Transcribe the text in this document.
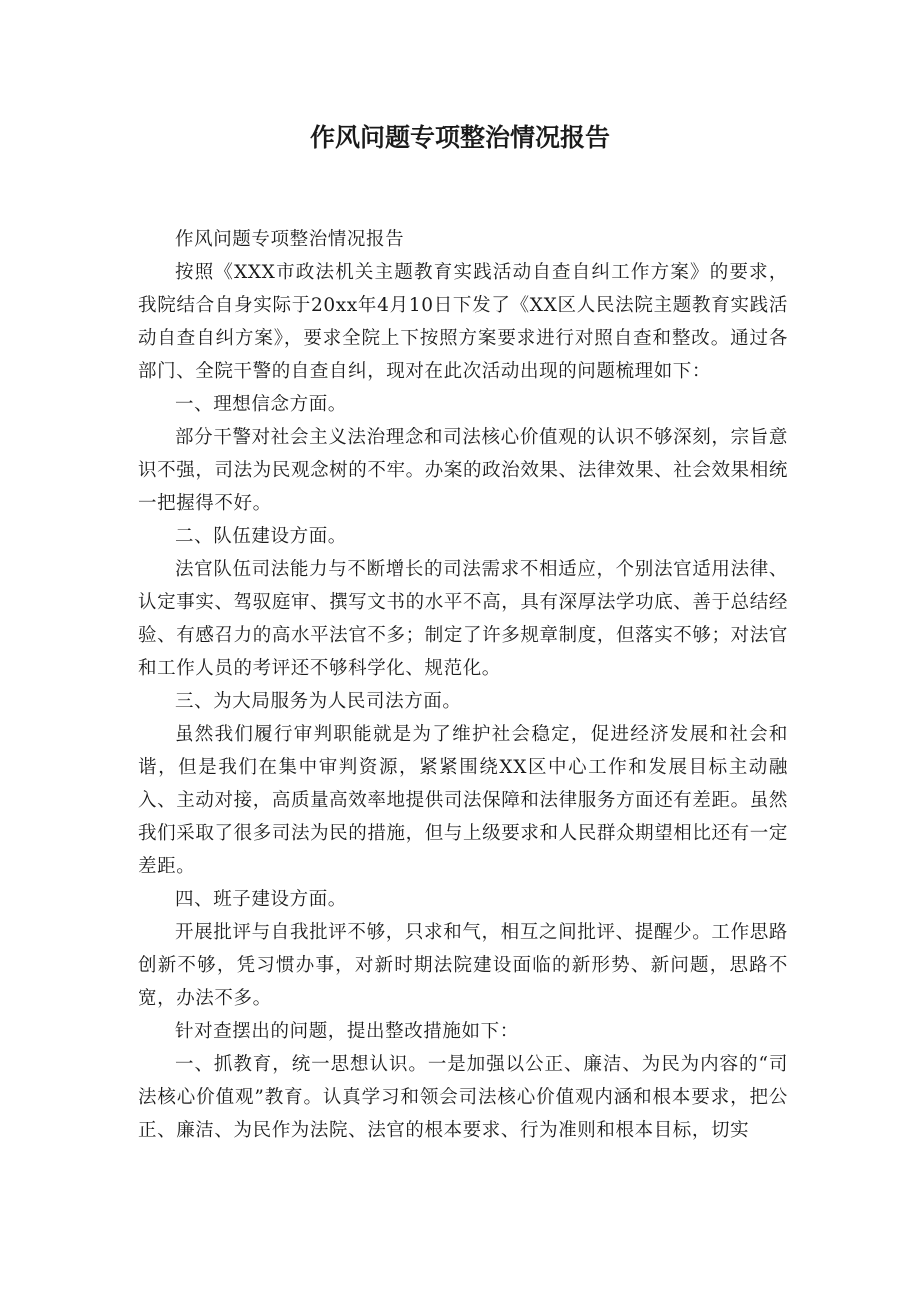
作风问题专项整治情况报告

作风问题专项整治情况报告

按照《XXX市政法机关主题教育实践活动自查自纠工作方案》的要求，我院结合自身实际于20xx年4月10日下发了《XX区人民法院主题教育实践活动自查自纠方案》，要求全院上下按照方案要求进行对照自查和整改。通过各部门、全院干警的自查自纠，现对在此次活动出现的问题梳理如下：

一、理想信念方面。

部分干警对社会主义法治理念和司法核心价值观的认识不够深刻，宗旨意识不强，司法为民观念树的不牢。办案的政治效果、法律效果、社会效果相统一把握得不好。

二、队伍建设方面。

法官队伍司法能力与不断增长的司法需求不相适应，个别法官适用法律、认定事实、驾驭庭审、撰写文书的水平不高，具有深厚法学功底、善于总结经验、有感召力的高水平法官不多；制定了许多规章制度，但落实不够；对法官和工作人员的考评还不够科学化、规范化。

三、为大局服务为人民司法方面。

虽然我们履行审判职能就是为了维护社会稳定，促进经济发展和社会和谐，但是我们在集中审判资源，紧紧围绕XX区中心工作和发展目标主动融入、主动对接，高质量高效率地提供司法保障和法律服务方面还有差距。虽然我们采取了很多司法为民的措施，但与上级要求和人民群众期望相比还有一定差距。

四、班子建设方面。

开展批评与自我批评不够，只求和气，相互之间批评、提醒少。工作思路创新不够，凭习惯办事，对新时期法院建设面临的新形势、新问题，思路不宽，办法不多。

针对查摆出的问题，提出整改措施如下：

一、抓教育，统一思想认识。一是加强以公正、廉洁、为民为内容的“司法核心价值观”教育。认真学习和领会司法核心价值观内涵和根本要求，把公正、廉洁、为民作为法院、法官的根本要求、行为准则和根本目标，切实
